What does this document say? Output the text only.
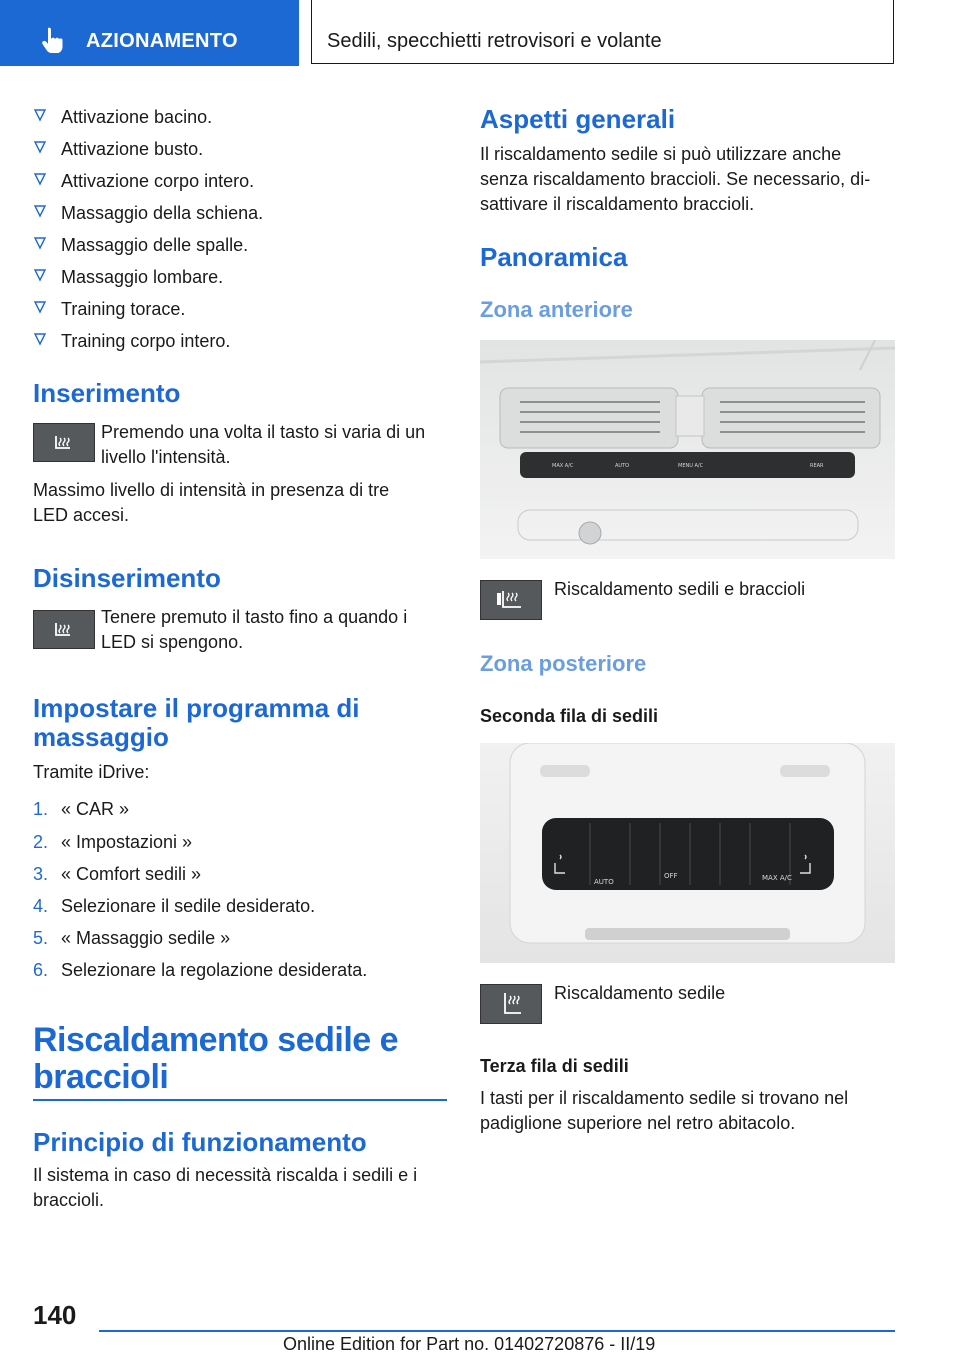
AZIONAMENTO	Sedili, specchietti retrovisori e volante
Attivazione bacino.
Attivazione busto.
Attivazione corpo intero.
Massaggio della schiena.
Massaggio delle spalle.
Massaggio lombare.
Training torace.
Training corpo intero.
Inserimento

Premendo una volta il tasto si varia di un

livello l'intensità.

Massimo livello di intensità in presenza di tre

LED accesi.

Disinserimento

Tenere premuto il tasto fino a quando i

LED si spengono.

Impostare il programma di
massaggio

Tramite iDrive:

1. « CAR »
2. « Impostazioni »
3. « Comfort sedili »
4. Selezionare il sedile desiderato.
5. « Massaggio sedile »
6. Selezionare la regolazione desiderata.
Riscaldamento sedile e
braccioli
Principio di funzionamento

Il sistema in caso di necessità riscalda i sedili e i

braccioli.

Aspetti generali

Il riscaldamento sedile si può utilizzare anche

senza riscaldamento braccioli. Se necessario, di-

sattivare il riscaldamento braccioli.

Panoramica
Zona anteriore
MAX A/C	AUTO	MENU A/C	REAR

Riscaldamento sedili e braccioli

Zona posteriore

Seconda fila di sedili

AUTO
OFF	MAX A/C

Riscaldamento sedile

Terza fila di sedili

I tasti per il riscaldamento sedile si trovano nel

padiglione superiore nel retro abitacolo.

140
Online Edition for Part no. 01402720876 - II/19
